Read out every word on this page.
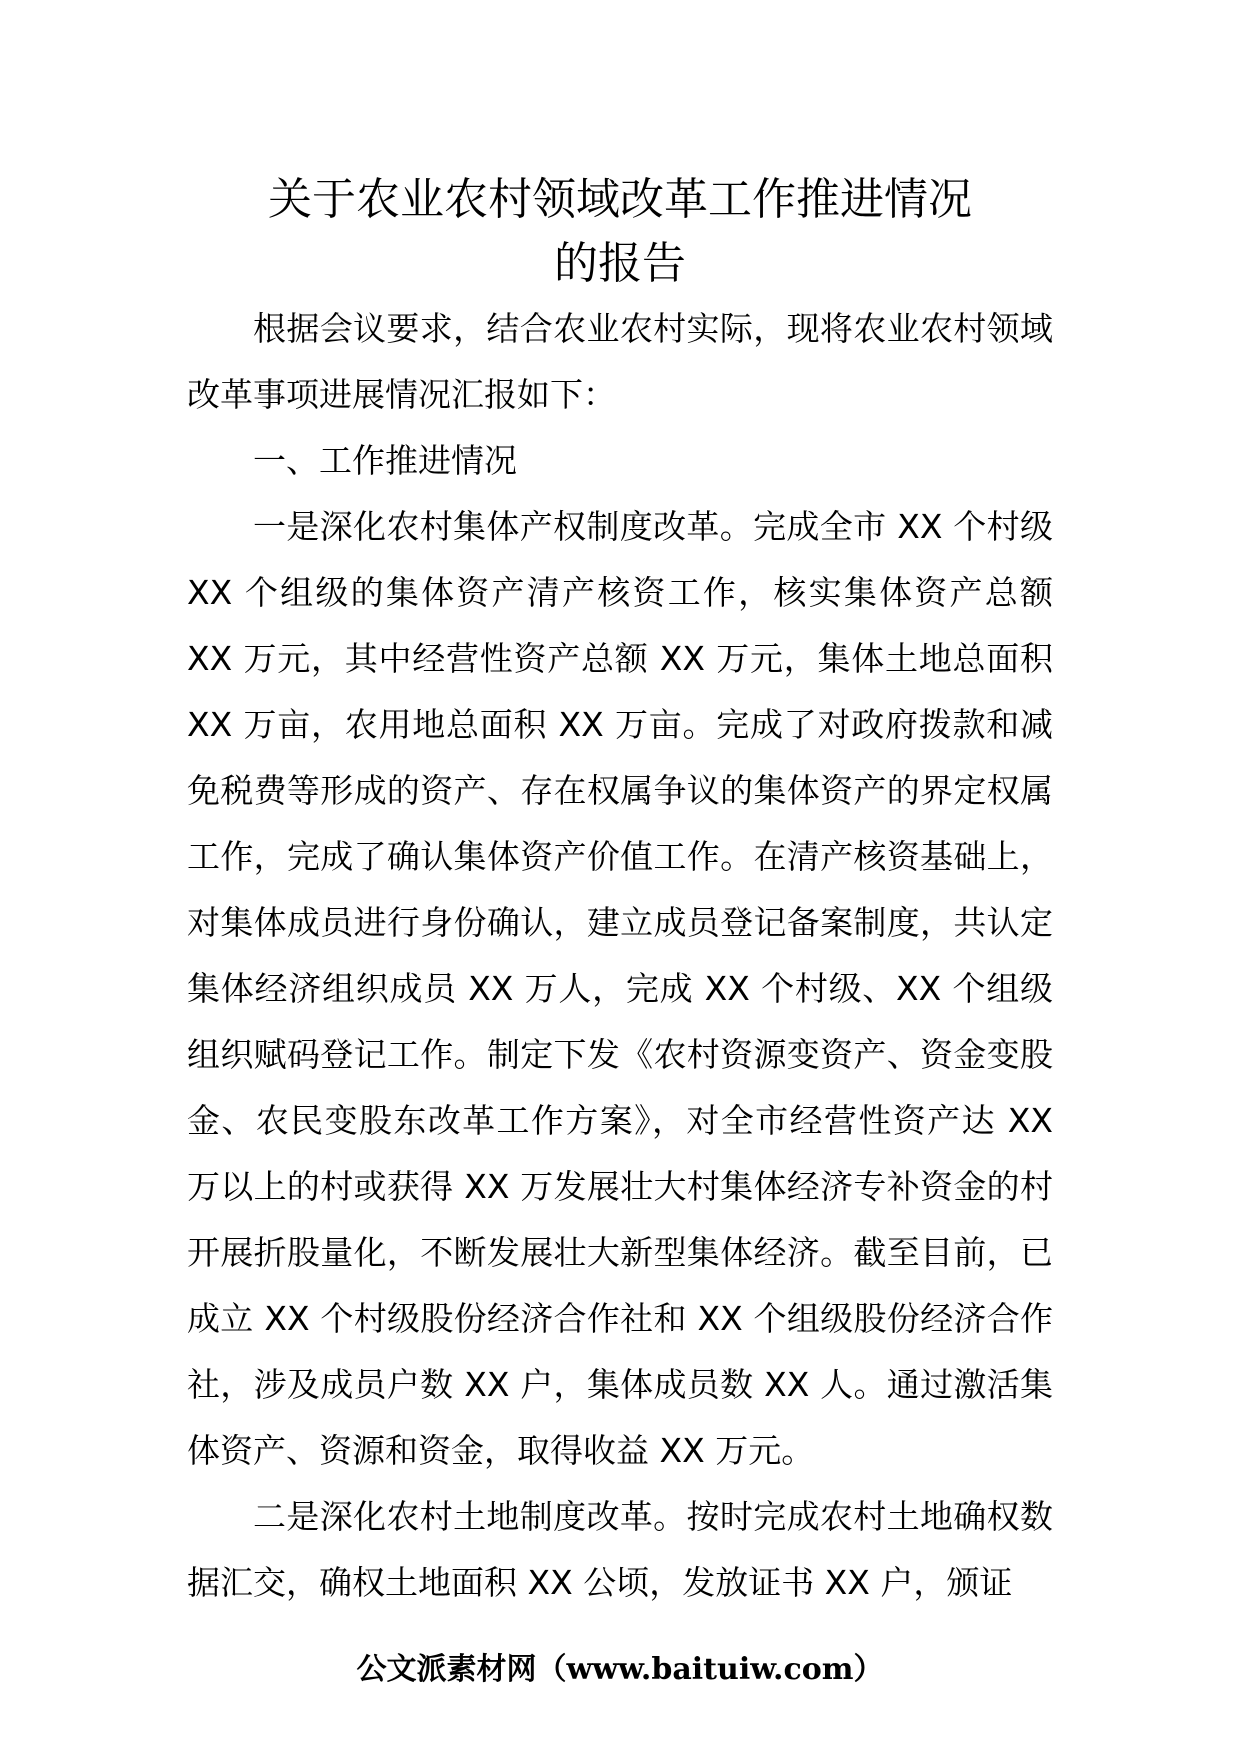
关于农业农村领域改革工作推进情况
的报告

根据会议要求，结合农业农村实际，现将农业农村领域改革事项进展情况汇报如下：

一、工作推进情况

一是深化农村集体产权制度改革。完成全市 XX 个村级 XX 个组级的集体资产清产核资工作，核实集体资产总额 XX 万元，其中经营性资产总额 XX 万元，集体土地总面积 XX 万亩，农用地总面积 XX 万亩。完成了对政府拨款和减免税费等形成的资产、存在权属争议的集体资产的界定权属工作，完成了确认集体资产价值工作。在清产核资基础上，对集体成员进行身份确认，建立成员登记备案制度，共认定集体经济组织成员 XX 万人，完成 XX 个村级、XX 个组级组织赋码登记工作。制定下发《农村资源变资产、资金变股金、农民变股东改革工作方案》，对全市经营性资产达 XX 万以上的村或获得 XX 万发展壮大村集体经济专补资金的村开展折股量化，不断发展壮大新型集体经济。截至目前，已成立 XX 个村级股份经济合作社和 XX 个组级股份经济合作社，涉及成员户数 XX 户，集体成员数 XX 人。通过激活集体资产、资源和资金，取得收益 XX 万元。

二是深化农村土地制度改革。按时完成农村土地确权数据汇交，确权土地面积 XX 公顷，发放证书 XX 户，颁证

公文派素材网（www.baituiw.com）
